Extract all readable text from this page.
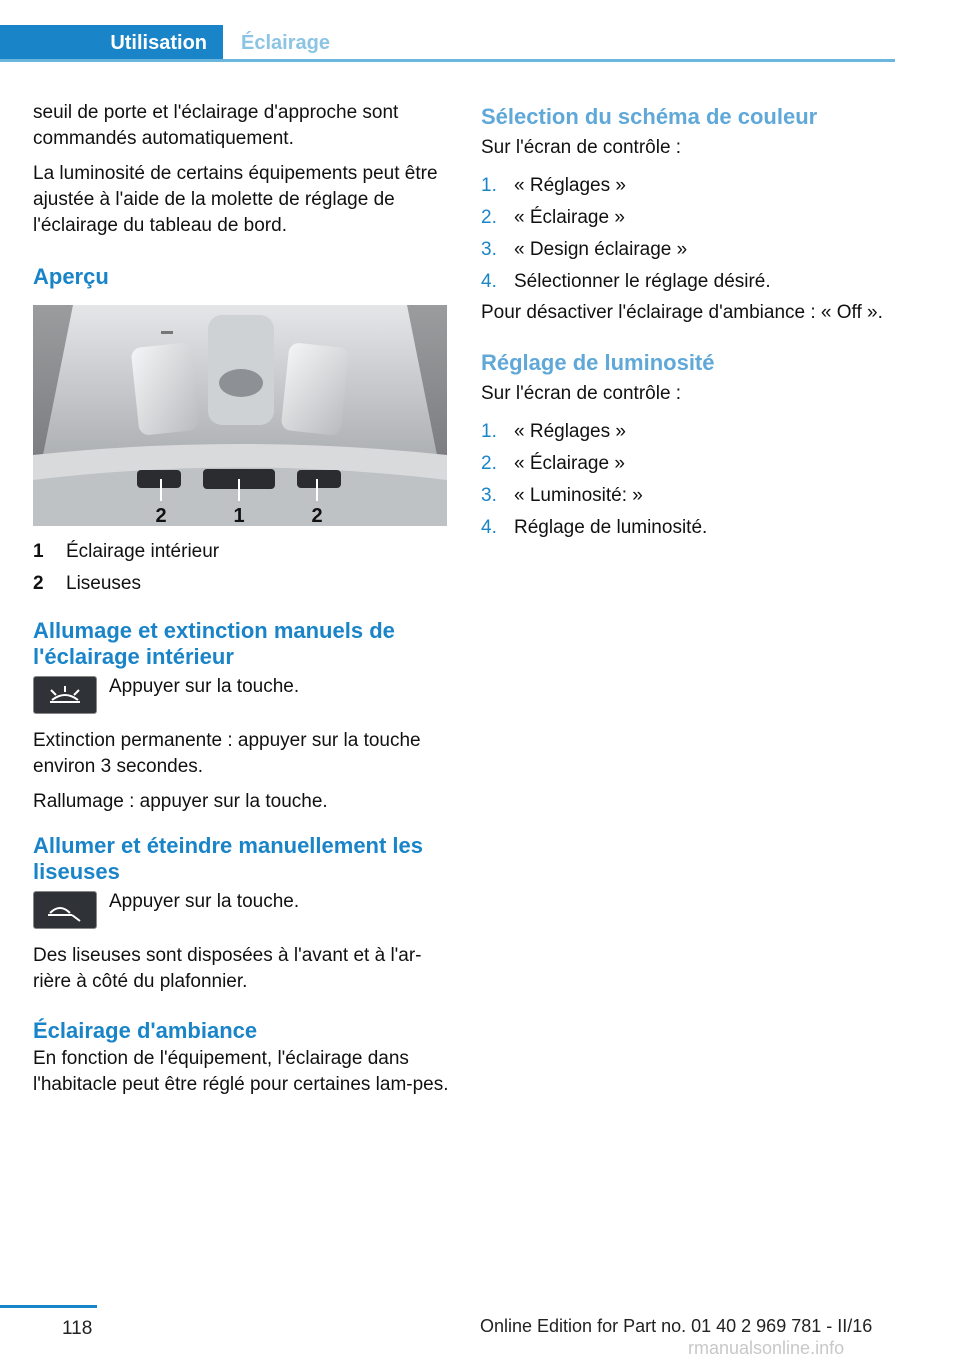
Utilisation	Éclairage

seuil de porte et l'éclairage d'approche sont commandés automatiquement.

La luminosité de certains équipements peut être ajustée à l'aide de la molette de réglage de l'éclairage du tableau de bord.

Aperçu
2	1	2
1	Éclairage intérieur
2	Liseuses
Allumage et extinction manuels de l'éclairage intérieur

Appuyer sur la touche.

Extinction permanente : appuyer sur la touche environ 3 secondes.

Rallumage : appuyer sur la touche.

Allumer et éteindre manuellement les liseuses

Appuyer sur la touche.

Des liseuses sont disposées à l'avant et à l'ar-rière à côté du plafonnier.

Éclairage d'ambiance

En fonction de l'équipement, l'éclairage dans l'habitacle peut être réglé pour certaines lam-pes.

Sélection du schéma de couleur

Sur l'écran de contrôle :

1. « Réglages »
2. « Éclairage »
3. « Design éclairage »
4. Sélectionner le réglage désiré.

Pour désactiver l'éclairage d'ambiance : « Off ».

Réglage de luminosité

Sur l'écran de contrôle :

1. « Réglages »
2. « Éclairage »
3. « Luminosité: »
4. Réglage de luminosité.
118	Online Edition for Part no. 01 40 2 969 781 - II/16
rmanualsonline.info
